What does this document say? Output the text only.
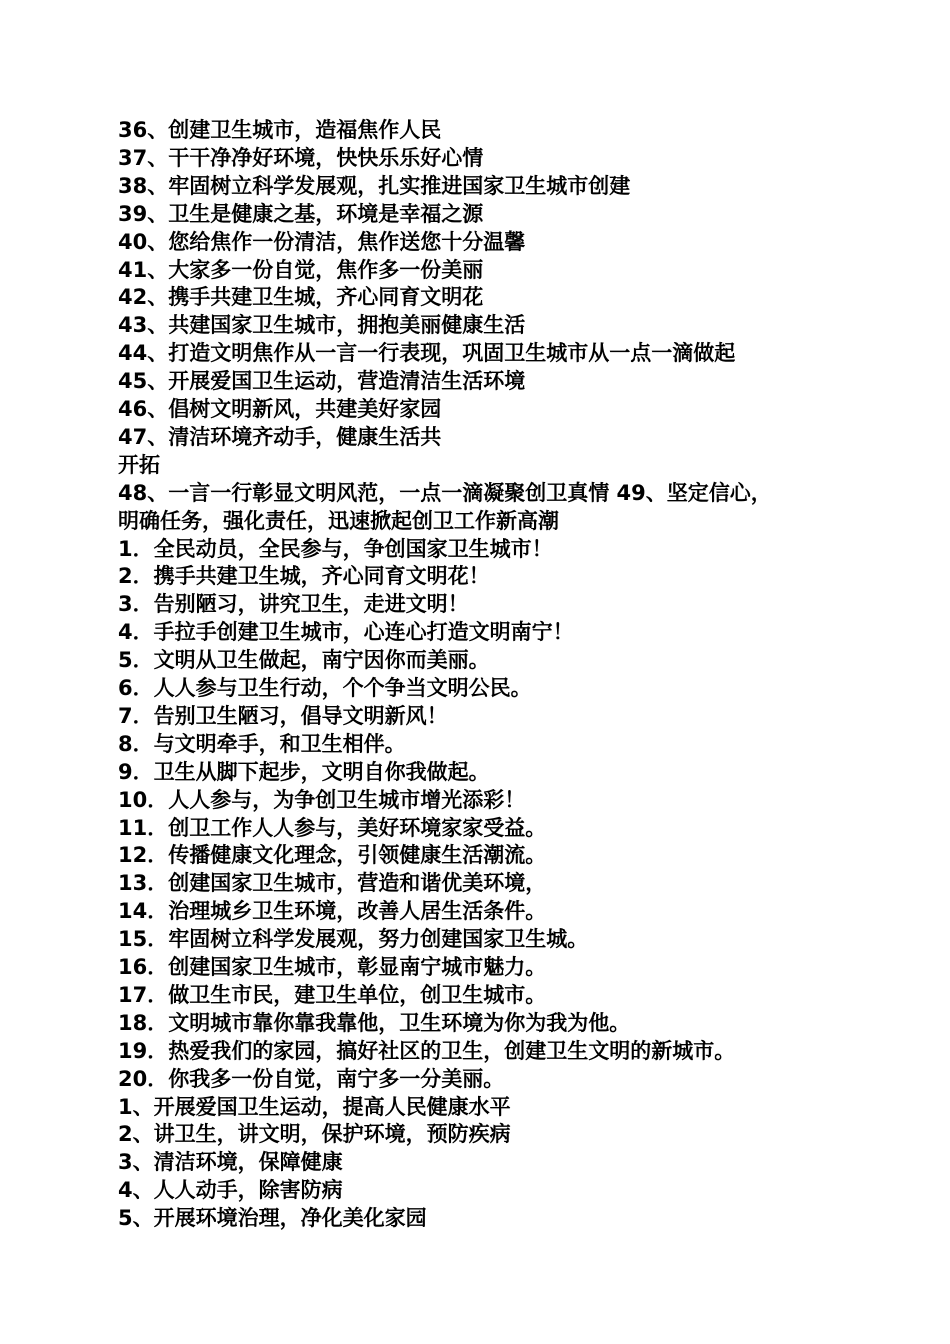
36、创建卫生城市，造福焦作人民
37、干干净净好环境，快快乐乐好心情
38、牢固树立科学发展观，扎实推进国家卫生城市创建
39、卫生是健康之基，环境是幸福之源
40、您给焦作一份清洁，焦作送您十分温馨
41、大家多一份自觉，焦作多一份美丽
42、携手共建卫生城，齐心同育文明花
43、共建国家卫生城市，拥抱美丽健康生活
44、打造文明焦作从一言一行表现，巩固卫生城市从一点一滴做起
45、开展爱国卫生运动，营造清洁生活环境
46、倡树文明新风，共建美好家园
47、清洁环境齐动手，健康生活共
开拓
48、一言一行彰显文明风范，一点一滴凝聚创卫真情 49、坚定信心，
明确任务，强化责任，迅速掀起创卫工作新高潮
1．全民动员，全民参与，争创国家卫生城市！
2．携手共建卫生城，齐心同育文明花！
3．告别陋习，讲究卫生，走进文明！
4．手拉手创建卫生城市，心连心打造文明南宁！
5．文明从卫生做起，南宁因你而美丽。
6．人人参与卫生行动，个个争当文明公民。
7．告别卫生陋习，倡导文明新风！
8．与文明牵手，和卫生相伴。
9．卫生从脚下起步，文明自你我做起。
10．人人参与，为争创卫生城市增光添彩！
11．创卫工作人人参与，美好环境家家受益。
12．传播健康文化理念，引领健康生活潮流。
13．创建国家卫生城市，营造和谐优美环境，
14．治理城乡卫生环境，改善人居生活条件。
15．牢固树立科学发展观，努力创建国家卫生城。
16．创建国家卫生城市，彰显南宁城市魅力。
17．做卫生市民，建卫生单位，创卫生城市。
18．文明城市靠你靠我靠他，卫生环境为你为我为他。
19．热爱我们的家园，搞好社区的卫生，创建卫生文明的新城市。
20．你我多一份自觉，南宁多一分美丽。
1、开展爱国卫生运动，提高人民健康水平
2、讲卫生，讲文明，保护环境，预防疾病
3、清洁环境，保障健康
4、人人动手，除害防病
5、开展环境治理，净化美化家园
